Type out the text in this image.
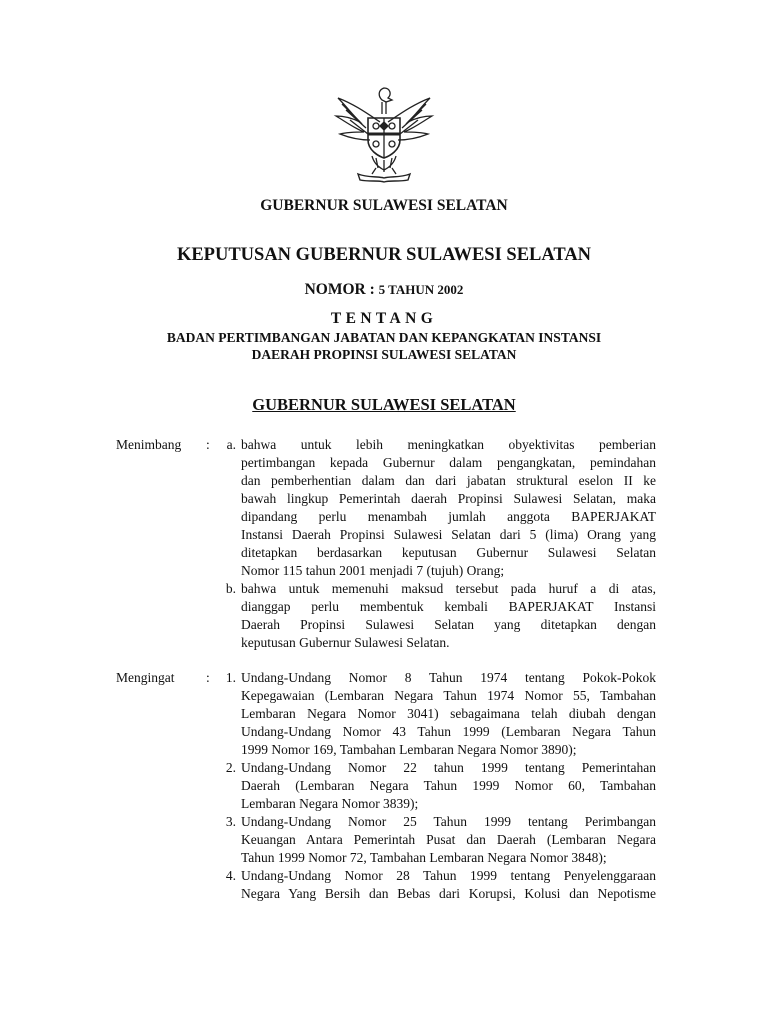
GUBERNUR SULAWESI SELATAN
KEPUTUSAN GUBERNUR SULAWESI SELATAN
NOMOR : 5 TAHUN 2002
TENTANG
BADAN PERTIMBANGAN JABATAN DAN KEPANGKATAN INSTANSI
DAERAH PROPINSI SULAWESI SELATAN
GUBERNUR SULAWESI SELATAN
Menimbang :	a. bahwa untuk lebih meningkatkan obyektivitas pemberian
pertimbangan kepada Gubernur dalam pengangkatan, pemindahan
dan pemberhentian dalam dan dari jabatan struktural eselon II ke
bawah lingkup Pemerintah daerah Propinsi Sulawesi Selatan, maka
dipandang perlu menambah jumlah anggota BAPERJAKAT
Instansi Daerah Propinsi Sulawesi Selatan dari 5 (lima) Orang yang
ditetapkan berdasarkan keputusan Gubernur Sulawesi Selatan
Nomor 115 tahun 2001 menjadi 7 (tujuh) Orang;
b. bahwa untuk memenuhi maksud tersebut pada huruf a di atas,
dianggap perlu membentuk kembali BAPERJAKAT Instansi
Daerah Propinsi Sulawesi Selatan yang ditetapkan dengan
keputusan Gubernur Sulawesi Selatan.
Mengingat :	1. Undang-Undang Nomor 8 Tahun 1974 tentang Pokok-Pokok
Kepegawaian (Lembaran Negara Tahun 1974 Nomor 55, Tambahan
Lembaran Negara Nomor 3041) sebagaimana telah diubah dengan
Undang-Undang Nomor 43 Tahun 1999 (Lembaran Negara Tahun
1999 Nomor 169, Tambahan Lembaran Negara Nomor 3890);
2. Undang-Undang Nomor 22 tahun 1999 tentang Pemerintahan
Daerah (Lembaran Negara Tahun 1999 Nomor 60, Tambahan
Lembaran Negara Nomor 3839);
3. Undang-Undang Nomor 25 Tahun 1999 tentang Perimbangan
Keuangan Antara Pemerintah Pusat dan Daerah (Lembaran Negara
Tahun 1999 Nomor 72, Tambahan Lembaran Negara Nomor 3848);
4. Undang-Undang Nomor 28 Tahun 1999 tentang Penyelenggaraan
Negara Yang Bersih dan Bebas dari Korupsi, Kolusi dan Nepotisme
